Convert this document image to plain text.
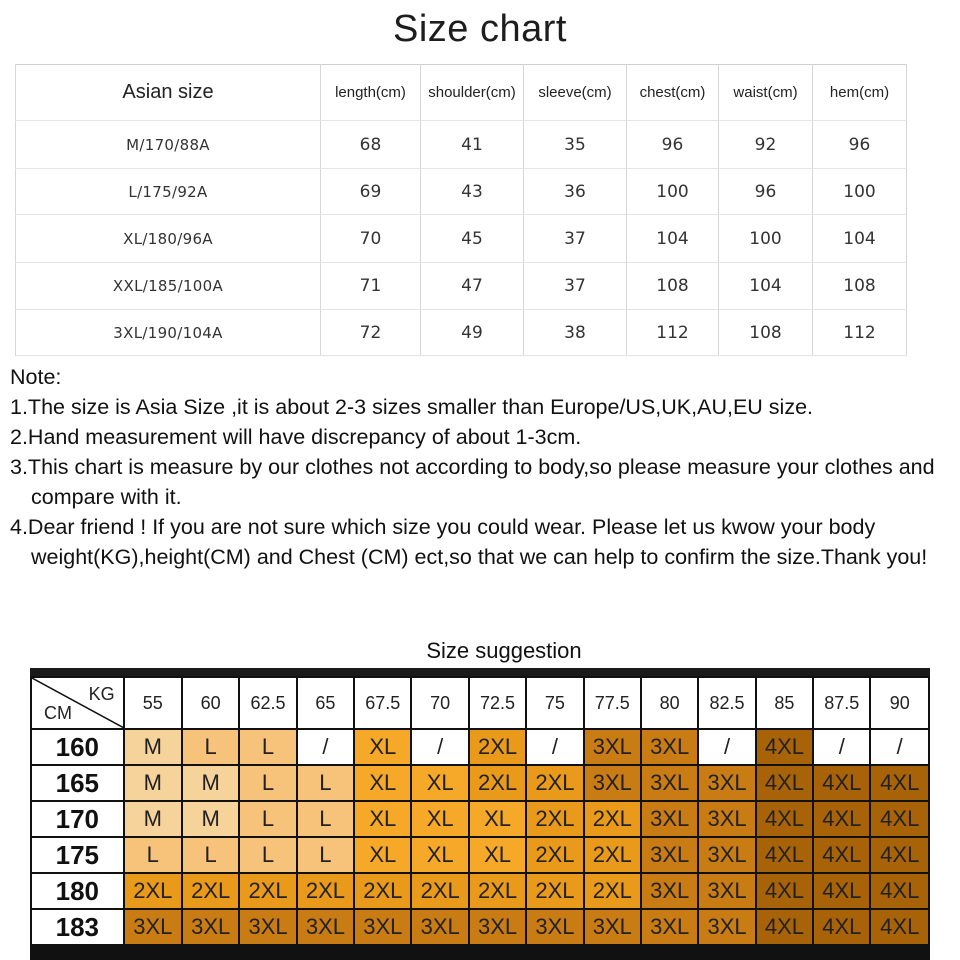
Size chart
Asian size	length(cm)	shoulder(cm)	sleeve(cm)	chest(cm)	waist(cm)	hem(cm)
M/170/88A	68	41	35	96	92	96
L/175/92A	69	43	36	100	96	100
XL/180/96A	70	45	37	104	100	104
XXL/185/100A	71	47	37	108	104	108
3XL/190/104A	72	49	38	112	108	112
Note:
1.The size is Asia Size ,it is about 2-3 sizes smaller than Europe/US,UK,AU,EU size.
2.Hand measurement will have discrepancy of about 1-3cm.
3.This chart is measure by our clothes not according to body,so please measure your clothes and compare with it.
4.Dear friend ! If you are not sure which size you could wear. Please let us kwow your body weight(KG),height(CM) and Chest (CM) ect,so that we can help to confirm the size.Thank you!
Size suggestion
KG
CM	55	60	62.5	65	67.5	70	72.5	75	77.5	80	82.5	85	87.5	90
160	M	L	L	/	XL	/	2XL	/	3XL	3XL	/	4XL	/	/
165	M	M	L	L	XL	XL	2XL	2XL	3XL	3XL	3XL	4XL	4XL	4XL
170	M	M	L	L	XL	XL	XL	2XL	2XL	3XL	3XL	4XL	4XL	4XL
175	L	L	L	L	XL	XL	XL	2XL	2XL	3XL	3XL	4XL	4XL	4XL
180	2XL	2XL	2XL	2XL	2XL	2XL	2XL	2XL	2XL	3XL	3XL	4XL	4XL	4XL
183	3XL	3XL	3XL	3XL	3XL	3XL	3XL	3XL	3XL	3XL	3XL	4XL	4XL	4XL
